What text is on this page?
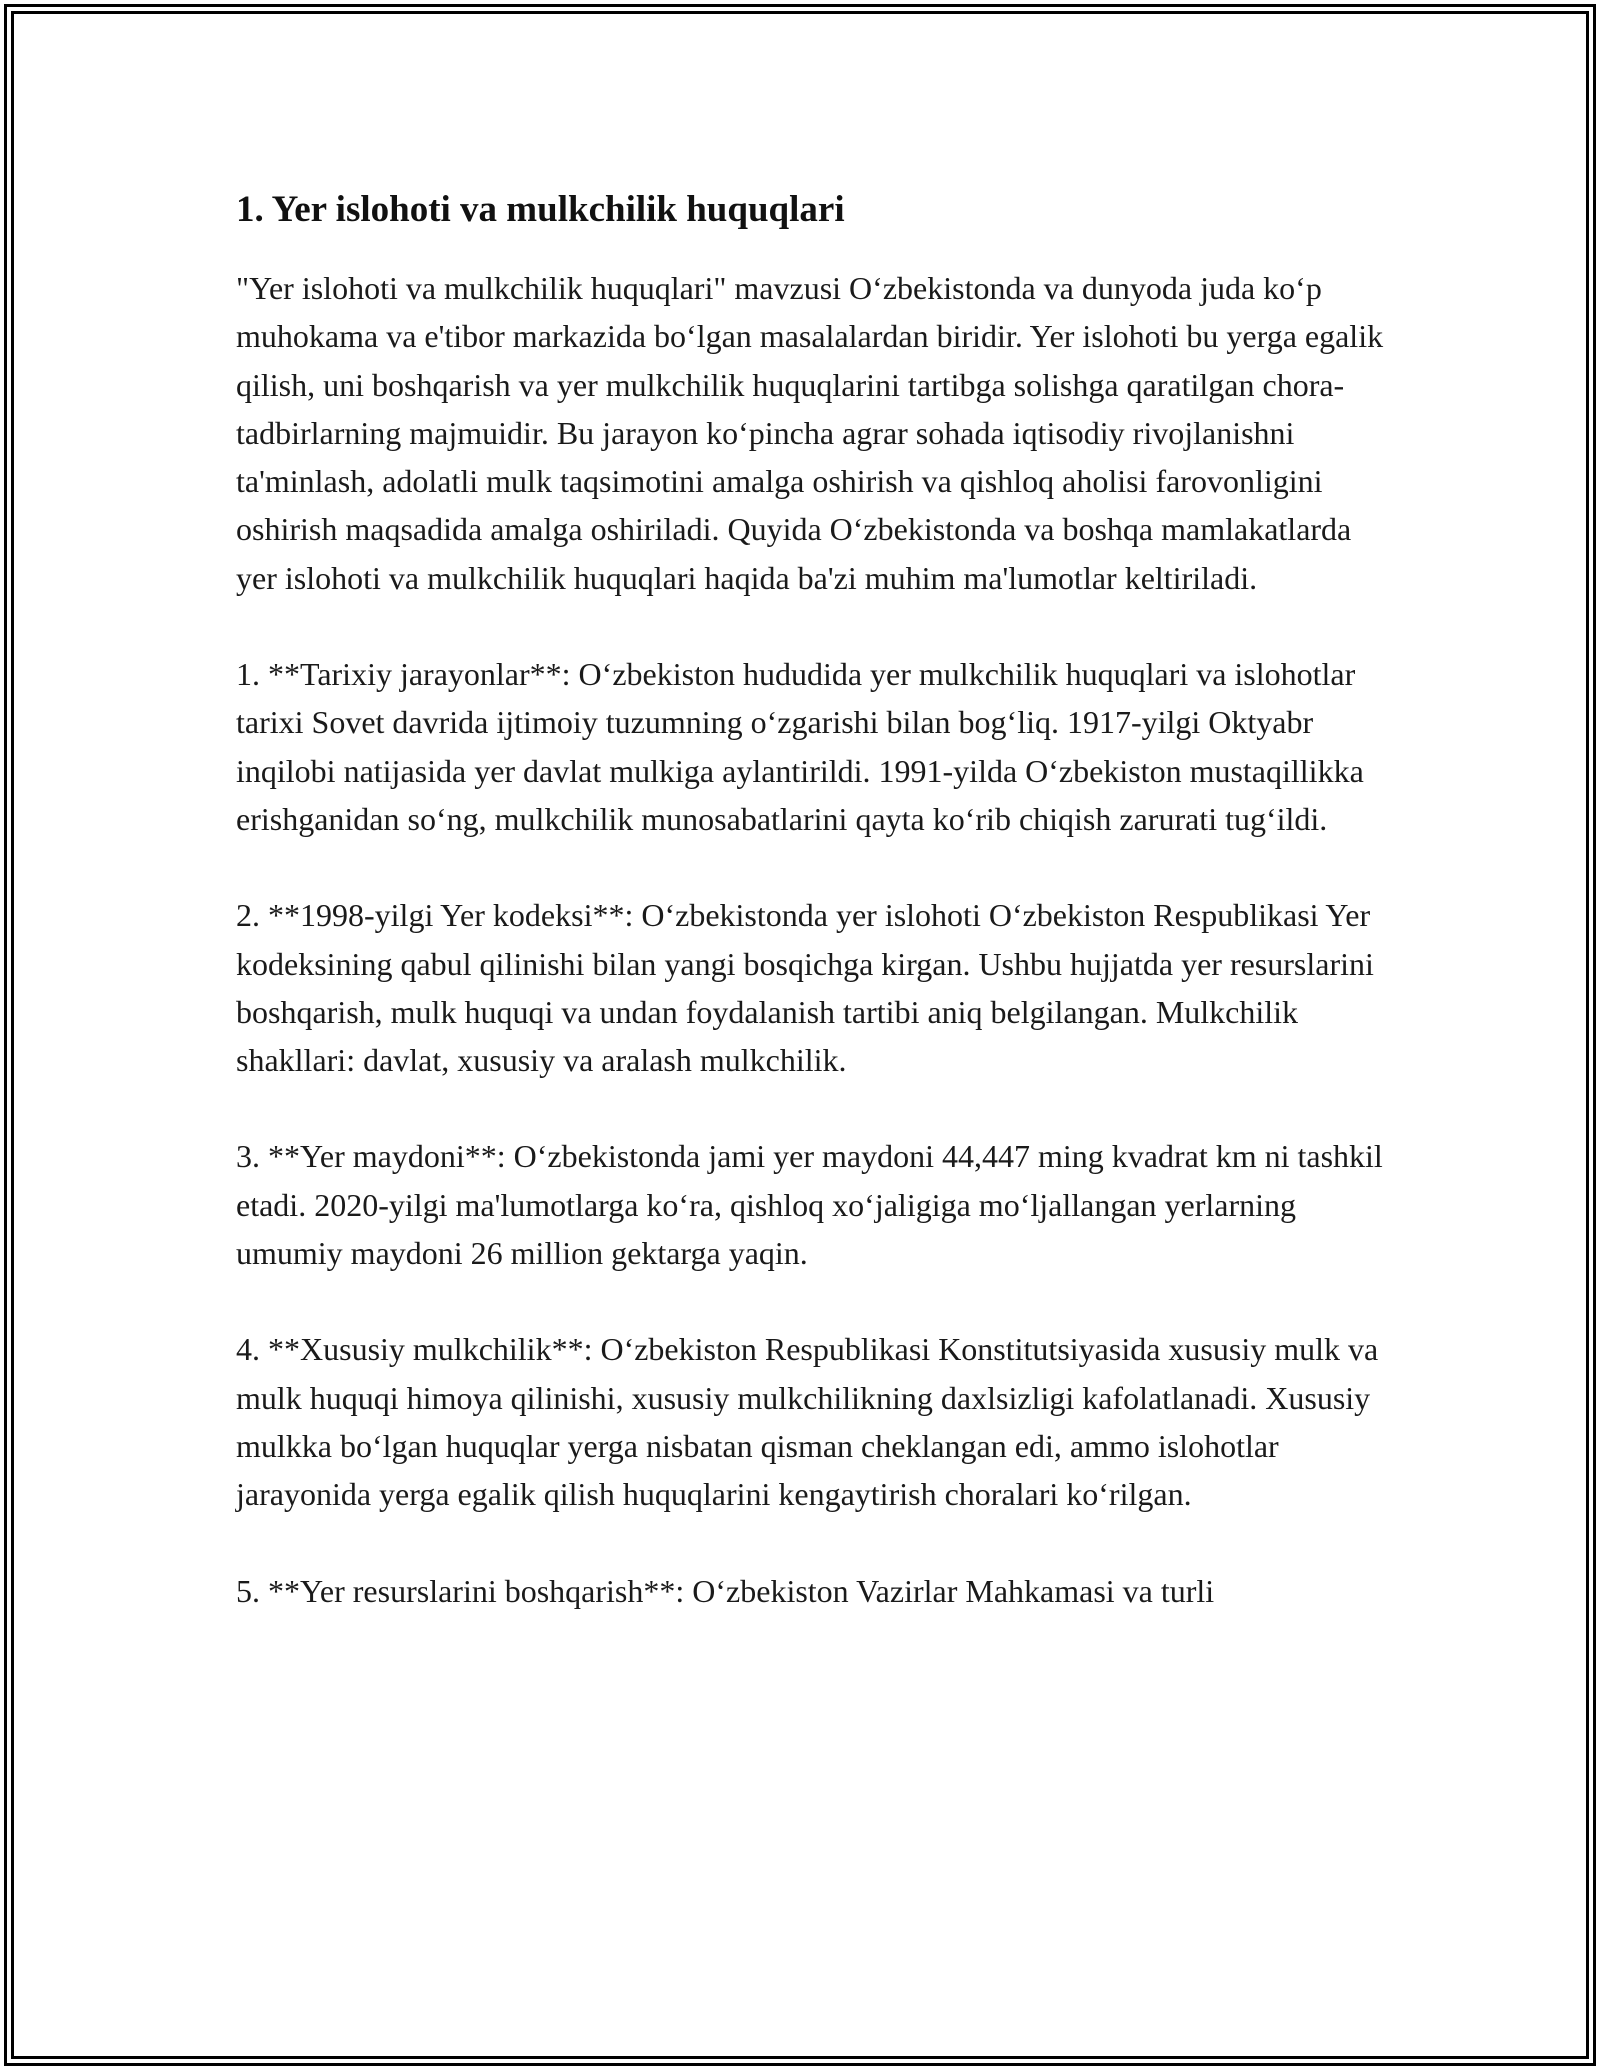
1. Yer islohoti va mulkchilik huquqlari

"Yer islohoti va mulkchilik huquqlari" mavzusi O‘zbekistonda va dunyoda juda ko‘p muhokama va e'tibor markazida bo‘lgan masalalardan biridir. Yer islohoti bu yerga egalik qilish, uni boshqarish va yer mulkchilik huquqlarini tartibga solishga qaratilgan chora-tadbirlarning majmuidir. Bu jarayon ko‘pincha agrar sohada iqtisodiy rivojlanishni ta'minlash, adolatli mulk taqsimotini amalga oshirish va qishloq aholisi farovonligini oshirish maqsadida amalga oshiriladi. Quyida O‘zbekistonda va boshqa mamlakatlarda yer islohoti va mulkchilik huquqlari haqida ba'zi muhim ma'lumotlar keltiriladi.

1. **Tarixiy jarayonlar**: O‘zbekiston hududida yer mulkchilik huquqlari va islohotlar tarixi Sovet davrida ijtimoiy tuzumning o‘zgarishi bilan bog‘liq. 1917-yilgi Oktyabr inqilobi natijasida yer davlat mulkiga aylantirildi. 1991-yilda O‘zbekiston mustaqillikka erishganidan so‘ng, mulkchilik munosabatlarini qayta ko‘rib chiqish zarurati tug‘ildi.

2. **1998-yilgi Yer kodeksi**: O‘zbekistonda yer islohoti O‘zbekiston Respublikasi Yer kodeksining qabul qilinishi bilan yangi bosqichga kirgan. Ushbu hujjatda yer resurslarini boshqarish, mulk huquqi va undan foydalanish tartibi aniq belgilangan. Mulkchilik shakllari: davlat, xususiy va aralash mulkchilik.

3. **Yer maydoni**: O‘zbekistonda jami yer maydoni 44,447 ming kvadrat km ni tashkil etadi. 2020-yilgi ma'lumotlarga ko‘ra, qishloq xo‘jaligiga mo‘ljallangan yerlarning umumiy maydoni 26 million gektarga yaqin.

4. **Xususiy mulkchilik**: O‘zbekiston Respublikasi Konstitutsiyasida xususiy mulk va mulk huquqi himoya qilinishi, xususiy mulkchilikning daxlsizligi kafolatlanadi. Xususiy mulkka bo‘lgan huquqlar yerga nisbatan qisman cheklangan edi, ammo islohotlar jarayonida yerga egalik qilish huquqlarini kengaytirish choralari ko‘rilgan.

5. **Yer resurslarini boshqarish**: O‘zbekiston Vazirlar Mahkamasi va turli
